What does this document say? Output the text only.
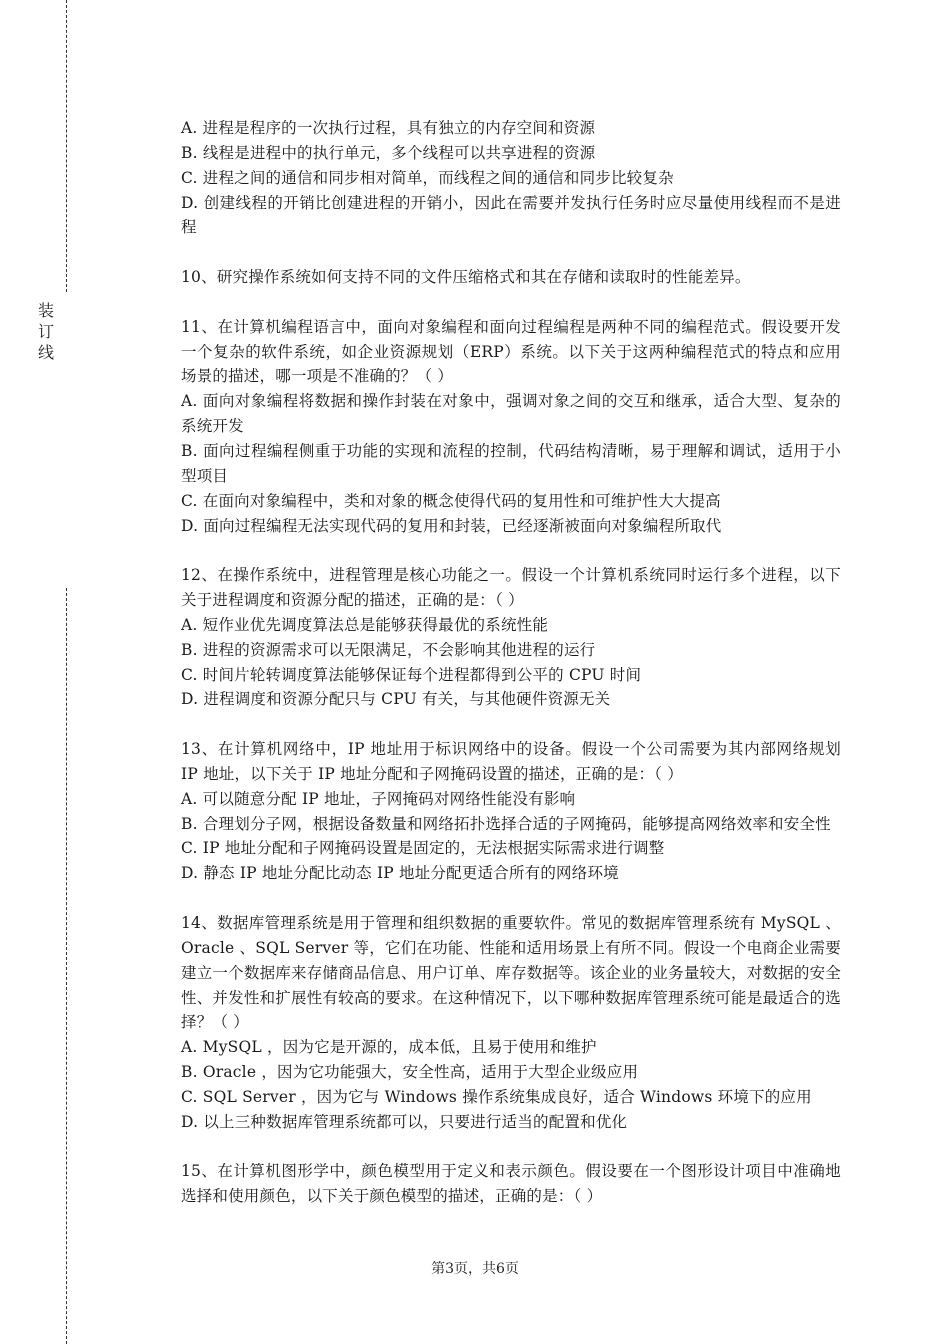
装
订
线

A. 进程是程序的一次执行过程，具有独立的内存空间和资源

B. 线程是进程中的执行单元，多个线程可以共享进程的资源

C. 进程之间的通信和同步相对简单，而线程之间的通信和同步比较复杂

D. 创建线程的开销比创建进程的开销小，因此在需要并发执行任务时应尽量使用线程而不是进程

10、研究操作系统如何支持不同的文件压缩格式和其在存储和读取时的性能差异。

11、在计算机编程语言中，面向对象编程和面向过程编程是两种不同的编程范式。假设要开发一个复杂的软件系统，如企业资源规划（ERP）系统。以下关于这两种编程范式的特点和应用场景的描述，哪一项是不准确的？（ ）

A. 面向对象编程将数据和操作封装在对象中，强调对象之间的交互和继承，适合大型、复杂的系统开发

B. 面向过程编程侧重于功能的实现和流程的控制，代码结构清晰，易于理解和调试，适用于小型项目

C. 在面向对象编程中，类和对象的概念使得代码的复用性和可维护性大大提高

D. 面向过程编程无法实现代码的复用和封装，已经逐渐被面向对象编程所取代

12、在操作系统中，进程管理是核心功能之一。假设一个计算机系统同时运行多个进程，以下关于进程调度和资源分配的描述，正确的是：（ ）

A. 短作业优先调度算法总是能够获得最优的系统性能

B. 进程的资源需求可以无限满足，不会影响其他进程的运行

C. 时间片轮转调度算法能够保证每个进程都得到公平的 CPU 时间

D. 进程调度和资源分配只与 CPU 有关，与其他硬件资源无关

13、在计算机网络中，IP 地址用于标识网络中的设备。假设一个公司需要为其内部网络规划 IP 地址，以下关于 IP 地址分配和子网掩码设置的描述，正确的是：（ ）

A. 可以随意分配 IP 地址，子网掩码对网络性能没有影响

B. 合理划分子网，根据设备数量和网络拓扑选择合适的子网掩码，能够提高网络效率和安全性

C. IP 地址分配和子网掩码设置是固定的，无法根据实际需求进行调整

D. 静态 IP 地址分配比动态 IP 地址分配更适合所有的网络环境

14、数据库管理系统是用于管理和组织数据的重要软件。常见的数据库管理系统有 MySQL 、Oracle 、SQL Server 等，它们在功能、性能和适用场景上有所不同。假设一个电商企业需要建立一个数据库来存储商品信息、用户订单、库存数据等。该企业的业务量较大，对数据的安全性、并发性和扩展性有较高的要求。在这种情况下，以下哪种数据库管理系统可能是最适合的选择？（ ）

A. MySQL ，因为它是开源的，成本低，且易于使用和维护

B. Oracle ，因为它功能强大，安全性高，适用于大型企业级应用

C. SQL Server ，因为它与 Windows 操作系统集成良好，适合 Windows 环境下的应用

D. 以上三种数据库管理系统都可以，只要进行适当的配置和优化

15、在计算机图形学中，颜色模型用于定义和表示颜色。假设要在一个图形设计项目中准确地选择和使用颜色，以下关于颜色模型的描述，正确的是：（ ）

第3页，共6页
